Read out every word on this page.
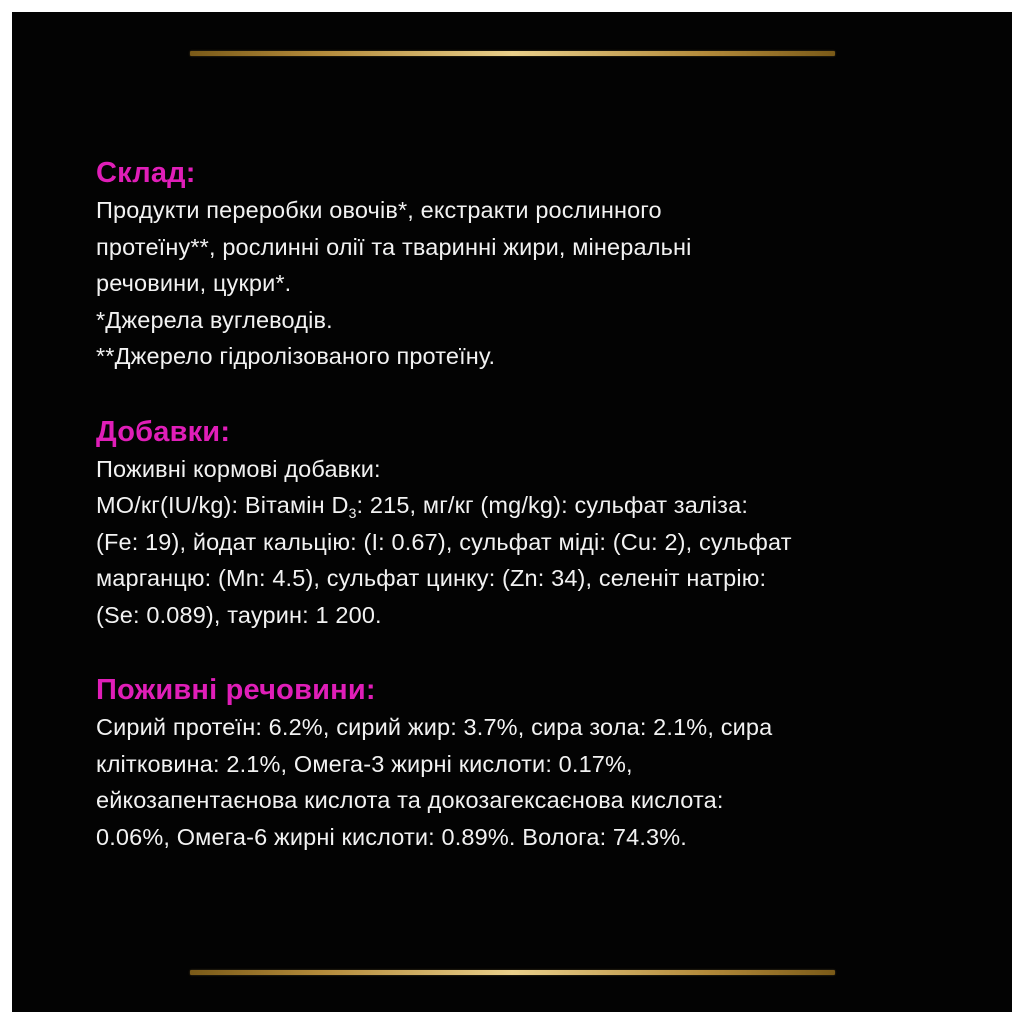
Склад:
Продукти переробки овочів*, екстракти рослинного
протеїну**, рослинні олії та тваринні жири, мінеральні
речовини, цукри*.
*Джерела вуглеводів.
**Джерело гідролізованого протеїну.
Добавки:
Поживні кормові добавки:
МО/кг(IU/kg): Вітамін $D_3$: 215, мг/кг (mg/kg): сульфат заліза:
(Fe: 19), йодат кальцію: (I: 0.67), сульфат міді: (Cu: 2), сульфат
марганцю: (Mn: 4.5), сульфат цинку: (Zn: 34), селеніт натрію:
(Se: 0.089), таурин: 1 200.
Поживні речовини:
Сирий протеїн: 6.2%, сирий жир: 3.7%, сира зола: 2.1%, сира
клітковина: 2.1%, Омега-3 жирні кислоти: 0.17%,
ейкозапентаєнова кислота та докозагексаєнова кислота:
0.06%, Омега-6 жирні кислоти: 0.89%. Волога: 74.3%.
